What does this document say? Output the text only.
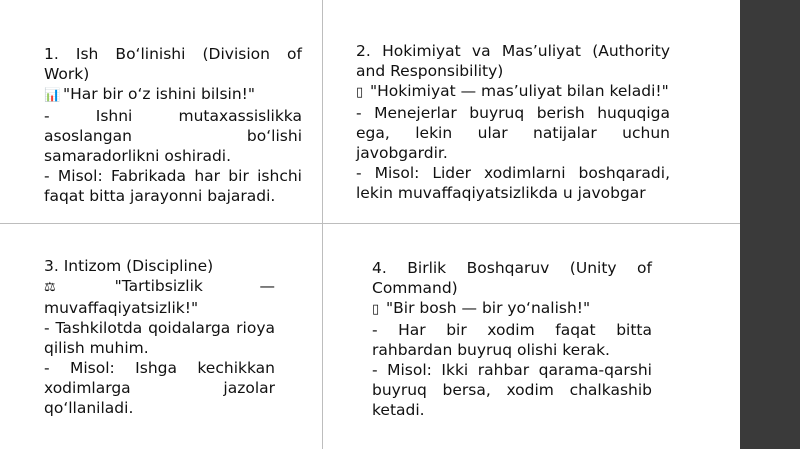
1. Ish Bo‘linishi (Division of Work)

📊 "Har bir o‘z ishini bilsin!"

- Ishni mutaxassislikka asoslangan bo‘lishi samaradorlikni oshiradi.

- Misol: Fabrikada har bir ishchi faqat bitta jarayonni bajaradi.

2. Hokimiyat va Mas’uliyat (Authority and Responsibility)

▯ "Hokimiyat — mas’uliyat bilan keladi!"

- Menejerlar buyruq berish huquqiga ega, lekin ular natijalar uchun javobgardir.

- Misol: Lider xodimlarni boshqaradi, lekin muvaffaqiyatsizlikda u javobgar

3. Intizom (Discipline)

⚖	"Tartibsizlik — muvaffaqiyatsizlik!"

- Tashkilotda qoidalarga rioya qilish muhim.

- Misol: Ishga kechikkan xodimlarga jazolar qo‘llaniladi.

4. Birlik Boshqaruv (Unity of Command)

▯ "Bir bosh — bir yo‘nalish!"

- Har bir xodim faqat bitta rahbardan buyruq olishi kerak.

- Misol: Ikki rahbar qarama-qarshi buyruq bersa, xodim chalkashib ketadi.
